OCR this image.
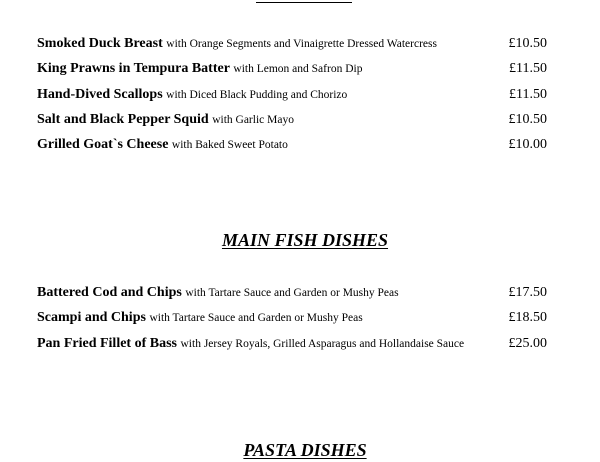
Smoked Duck Breast with Orange Segments and Vinaigrette Dressed Watercress	£10.50
King Prawns in Tempura Batter with Lemon and Safron Dip	£11.50
Hand-Dived Scallops with Diced Black Pudding and Chorizo	£11.50
Salt and Black Pepper Squid with Garlic Mayo	£10.50
Grilled Goat`s Cheese with Baked Sweet Potato	£10.00
MAIN FISH DISHES
Battered Cod and Chips with Tartare Sauce and Garden or Mushy Peas	£17.50
Scampi and Chips with Tartare Sauce and Garden or Mushy Peas	£18.50
Pan Fried Fillet of Bass with Jersey Royals, Grilled Asparagus and Hollandaise Sauce	£25.00
PASTA DISHES
